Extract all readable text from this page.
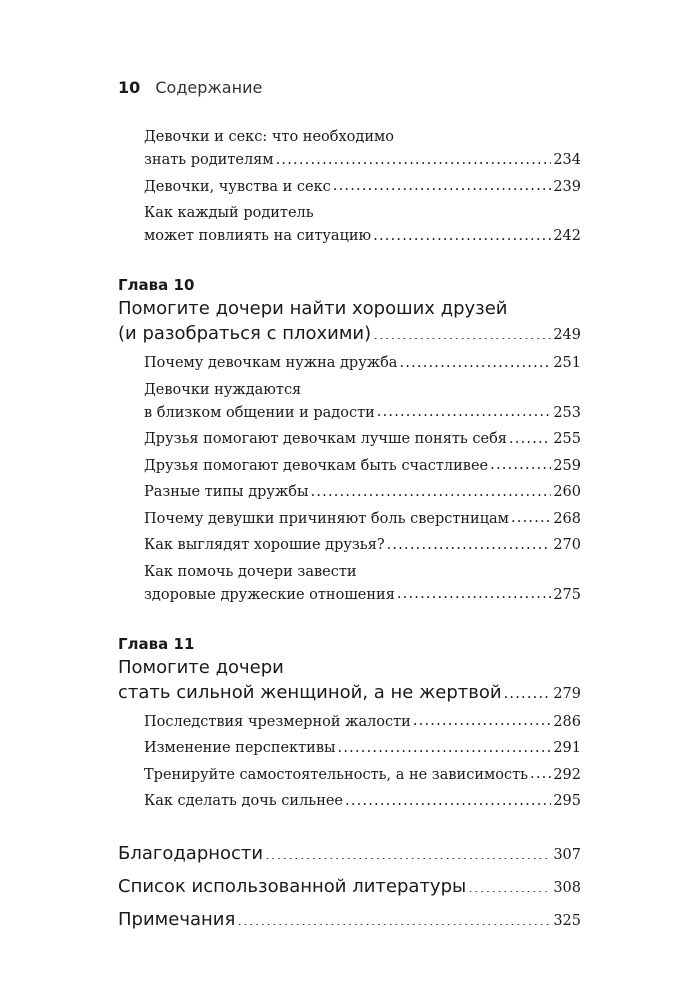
10 Содержание
Девочки и секс: что необходимо
знать родителям .....	234
Девочки, чувства и секс .....	239
Как каждый родитель
может повлиять на ситуацию .....	242
Глава 10
Помогите дочери найти хороших друзей
(и разобраться с плохими) .....	249
Почему девочкам нужна дружба .....	251
Девочки нуждаются
в близком общении и радости .....	253
Друзья помогают девочкам лучше понять себя .....	255
Друзья помогают девочкам быть счастливее .....	259
Разные типы дружбы .....	260
Почему девушки причиняют боль сверстницам .....	268
Как выглядят хорошие друзья? .....	270
Как помочь дочери завести
здоровые дружеские отношения .....	275
Глава 11
Помогите дочери
стать сильной женщиной, а не жертвой .....	279
Последствия чрезмерной жалости .....	286
Изменение перспективы .....	291
Тренируйте самостоятельность, а не зависимость ..... 292
Как сделать дочь сильнее .....	295
Благодарности .....	307
Список использованной литературы .....	308
Примечания .....	325
